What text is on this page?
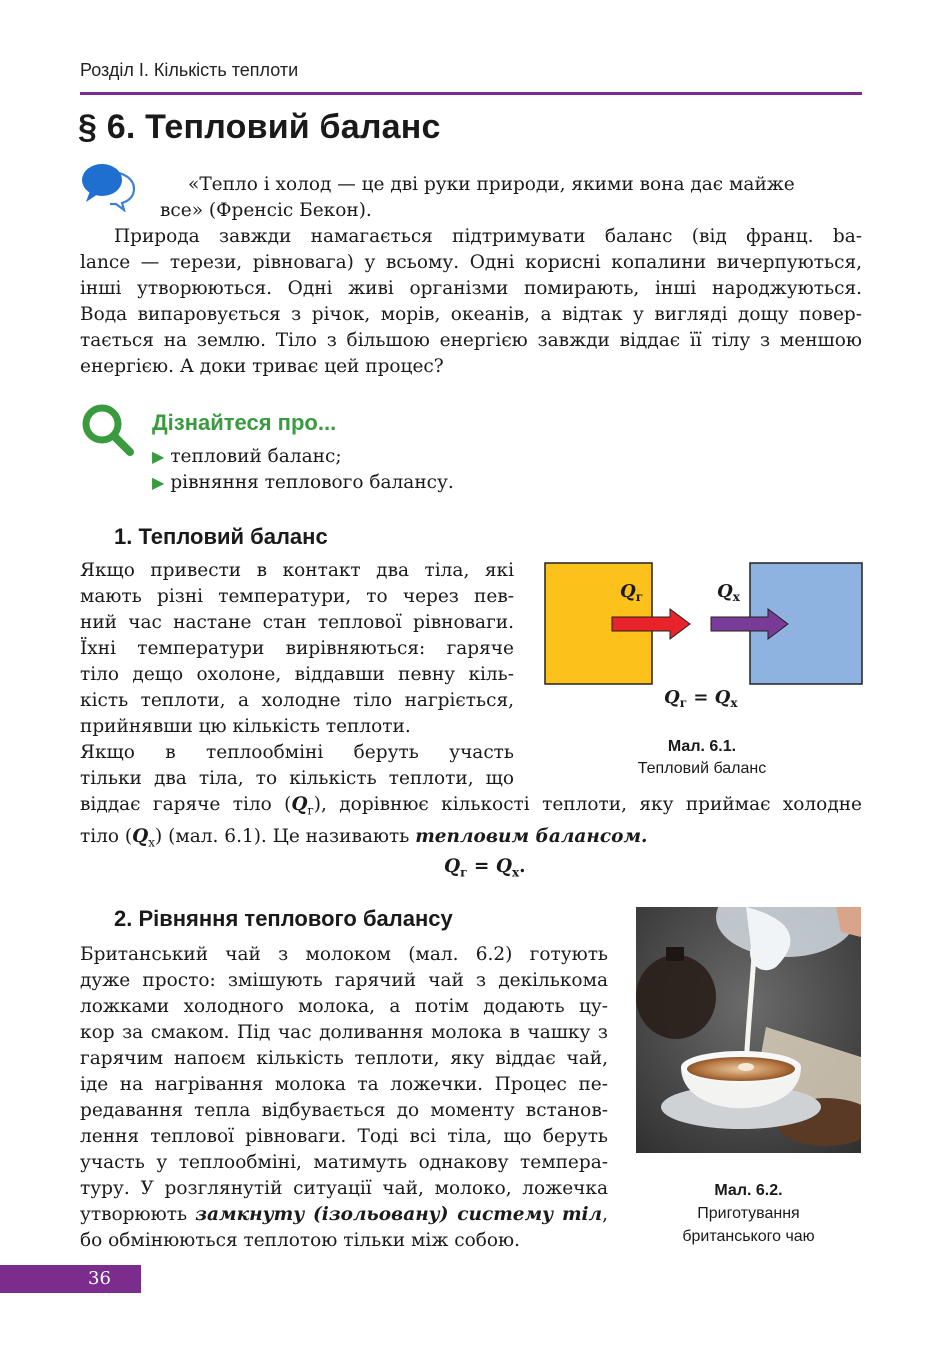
Розділ І. Кількість теплоти
§ 6. Тепловий баланс
«Тепло і холод — це дві руки природи, якими вона дає майже
все» (Френсіс Бекон).
Природа завжди намагається підтримувати баланс (від франц. ba-
lance — терези, рівновага) у всьому. Одні корисні копалини вичерпуються,
інші утворюються. Одні живі організми помирають, інші народжуються.
Вода випаровується з річок, морів, океанів, а відтак у вигляді дощу повер-
тається на землю. Тіло з більшою енергією завжди віддає її тілу з меншою
енергією. А доки триває цей процес?
Дізнайтеся про...
▶ тепловий баланс;
▶ рівняння теплового балансу.
1. Тепловий баланс
Якщо привести в контакт два тіла, які
мають різні температури, то через пев-
ний час настане стан теплової рівноваги.
Їхні температури вирівняються: гаряче
тіло дещо охолоне, віддавши певну кіль-
кість теплоти, а холодне тіло нагріється,
прийнявши цю кількість теплоти.
Якщо в теплообміні беруть участь
тільки два тіла, то кількість теплоти, що
$Q_г$	$Q_х$
$Q_г = Q_х$
Мал. 6.1.
Тепловий баланс
віддає гаряче тіло $(Q_г)$, дорівнює кількості теплоти, яку приймає холодне
тіло $(Q_х)$ (мал. 6.1). Це називають тепловим балансом.
$Q_г = Q_х$.
2. Рівняння теплового балансу
Британський чай з молоком (мал. 6.2) готують
дуже просто: змішують гарячий чай з декількома
ложками холодного молока, а потім додають цу-
кор за смаком. Під час доливання молока в чашку з
гарячим напоєм кількість теплоти, яку віддає чай,
іде на нагрівання молока та ложечки. Процес пе-
редавання тепла відбувається до моменту встанов-
лення теплової рівноваги. Тоді всі тіла, що беруть
участь у теплообміні, матимуть однакову темпера-
туру. У розглянутій ситуації чай, молоко, ложечка
утворюють замкнуту (ізольовану) систему тіл,
бо обмінюються теплотою тільки між собою.
Мал. 6.2.
Приготування
британського чаю
36
